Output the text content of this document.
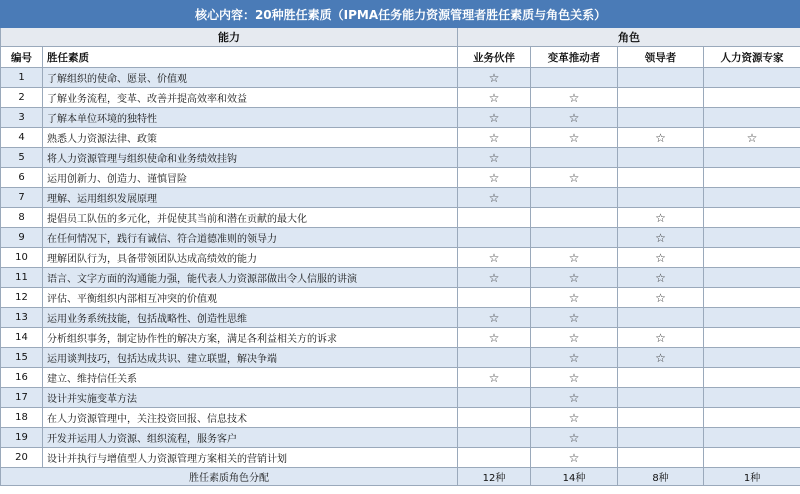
核心内容：20种胜任素质（IPMA任务能力资源管理者胜任素质与角色关系）					
能力		角色			
编号	胜任素质	业务伙伴	变革推动者	领导者	人力资源专家
1	了解组织的使命、愿景、价值观	☆			
2	了解业务流程，变革、改善并提高效率和效益	☆	☆		
3	了解本单位环境的独特性	☆	☆		
4	熟悉人力资源法律、政策	☆	☆	☆	☆
5	将人力资源管理与组织使命和业务绩效挂钩	☆			
6	运用创新力、创造力、谨慎冒险	☆	☆		
7	理解、运用组织发展原理	☆			
8	提倡员工队伍的多元化，并促使其当前和潜在贡献的最大化			☆	
9	在任何情况下，践行有诚信、符合道德准则的领导力			☆	
10	理解团队行为，具备带领团队达成高绩效的能力	☆	☆	☆	
11	语言、文字方面的沟通能力强，能代表人力资源部做出令人信服的讲演	☆	☆	☆	
12	评估、平衡组织内部相互冲突的价值观		☆	☆	
13	运用业务系统技能，包括战略性、创造性思维	☆	☆		
14	分析组织事务，制定协作性的解决方案，满足各利益相关方的诉求	☆	☆	☆	
15	运用谈判技巧，包括达成共识、建立联盟，解决争端		☆	☆	
16	建立、维持信任关系	☆	☆		
17	设计并实施变革方法		☆		
18	在人力资源管理中，关注投资回报、信息技术		☆		
19	开发并运用人力资源、组织流程，服务客户		☆		
20	设计并执行与增值型人力资源管理方案相关的营销计划		☆		
胜任素质角色分配		12种	14种	8种	1种
